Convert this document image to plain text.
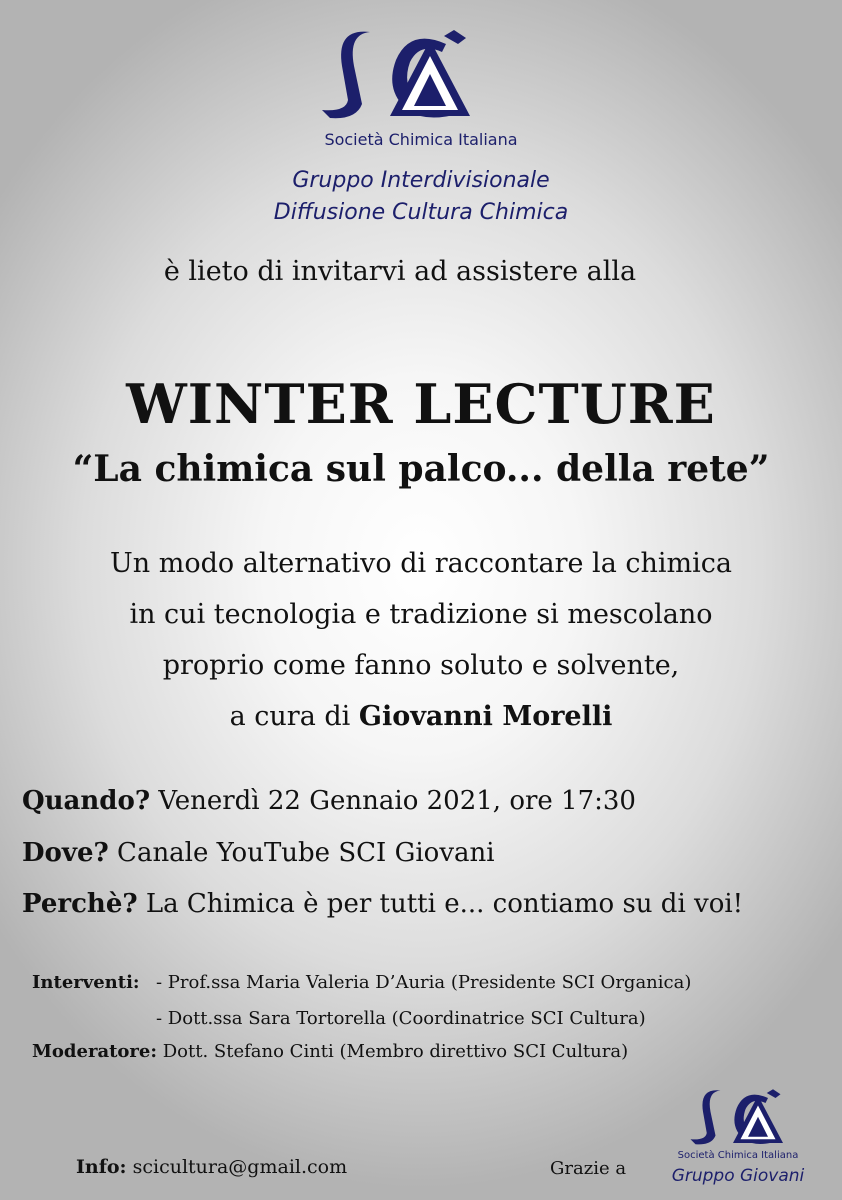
Società Chimica Italiana
Gruppo Interdivisionale
Diffusione Cultura Chimica
è lieto di invitarvi ad assistere alla
WINTER LECTURE
“La chimica sul palco... della rete”
Un modo alternativo di raccontare la chimica
in cui tecnologia e tradizione si mescolano
proprio come fanno soluto e solvente,
a cura di Giovanni Morelli
Quando? Venerdì 22 Gennaio 2021, ore 17:30
Dove? Canale YouTube SCI Giovani
Perchè? La Chimica è per tutti e... contiamo su di voi!
Interventi: - Prof.ssa Maria Valeria D’Auria (Presidente SCI Organica)
- Dott.ssa Sara Tortorella (Coordinatrice SCI Cultura)
Moderatore: Dott. Stefano Cinti (Membro direttivo SCI Cultura)
Info: scicultura@gmail.com	Grazie a
Società Chimica Italiana
Gruppo Giovani
